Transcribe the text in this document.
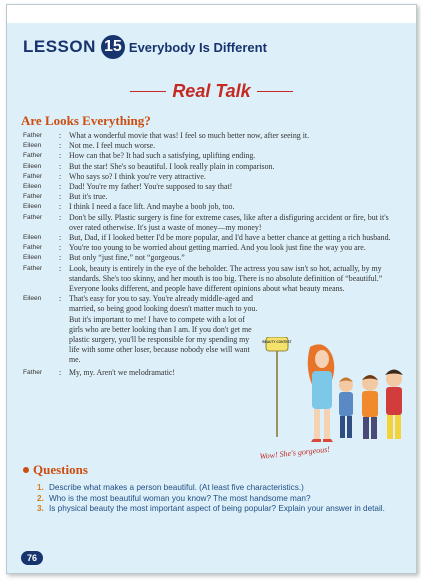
LESSON 15 Everybody Is Different
Real Talk
Are Looks Everything?
Father	: What a wonderful movie that was! I feel so much better now, after seeing it.
Eileen	: Not me. I feel much worse.
Father	: How can that be? It had such a satisfying, uplifting ending.
Eileen	: But the star! She's so beautiful. I look really plain in comparison.
Father	: Who says so? I think you're very attractive.
Eileen	: Dad! You're my father! You're supposed to say that!
Father	: But it's true.
Eileen	: I think I need a face lift. And maybe a boob job, too.
Father	: Don't be silly. Plastic surgery is fine for extreme cases, like after a disfiguring accident or fire, but it's over rated otherwise. It's just a waste of money—my money!
Eileen	: But, Dad, if I looked better I'd be more popular, and I'd have a better chance at getting a rich husband.
Father	: You're too young to be worried about getting married. And you look just fine the way you are.
Eileen	: But only “just fine,” not “gorgeous.”
Father	: Look, beauty is entirely in the eye of the beholder. The actress you saw isn't so hot, actually, by my standards. She's too skinny, and her mouth is too big. There is no absolute definition of “beautiful.” Everyone looks different, and people have different opinions about what beauty means.
Eileen	: That's easy for you to say. You're already middle-aged and married, so being good looking doesn't matter much to you. But it's important to me! I have to compete with a lot of girls who are better looking than I am. If you don't get me plastic surgery, you'll be responsible for my spending my life with some other loser, because nobody else will want me.
Father	: My, my. Aren't we melodramatic!
BEAUTY CONTEST
Wow! She's gorgeous!
Questions
1. Describe what makes a person beautiful. (At least five characteristics.)
2. Who is the most beautiful woman you know? The most handsome man?
3. Is physical beauty the most important aspect of being popular? Explain your answer in detail.
76
